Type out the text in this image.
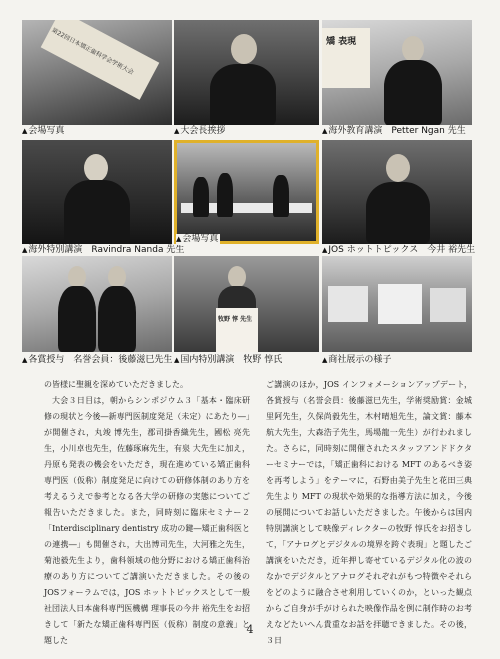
第22回日本矯正歯科学会学術大会
▲会場写真	▲大会長挨拶
矯 表現
▲海外教育講演　Petter Ngan 先生
▲海外特別講演　Ravindra Nanda 先生
▲会場写真
▲JOS ホットトピックス　今井 裕先生
▲各賞授与　名誉会員：後藤滋巳先生
牧野 惇 先生
▲国内特別講演　牧野 惇氏	▲商社展示の様子

の皆様に聖親を深めていただきました。

大会３日目は，朝からシンポジウム３「基本・臨床研修の現状と今後―新専門医制度発足（未定）にあたり―」が開催され，丸竣 博先生，郡司掛香織先生，國松 亮先生，小川卓也先生，佐藤琢麻先生，有泉 大先生に加え，丹原も発表の機会をいただき，現在進めている矯正歯科専門医（仮称）制度発足に向けての研修体制のあり方を考えるうえで参考となる各大学の研修の実態についてご報告いただきました。また，同時刻に臨床セミナー２「Interdisciplinary dentistry 成功の鍵―矯正歯科医との連携―」も開催され，大出博司先生，大河雅之先生，菊池毅先生より，歯科領域の他分野における矯正歯科治療のあり方についてご講演いただきました。その後のJOSフォーラムでは，JOS ホットトピックスとして一般社団法人日本歯科専門医機構 理事長の今井 裕先生をお招きして「新たな矯正歯科専門医（仮称）制度の意義」と題した

ご講演のほか，JOS インフォメーションアップデート，各賞授与（名誉会員：後藤滋巳先生，学術奨励賞：金城里阿先生，久保尚毅先生，木村晴旭先生，論文賞：藤本航大先生，大森浩子先生，馬場龍一先生）が行われました。さらに，同時刻に開催されたスタッフアンドドクターセミナーでは，「矯正歯科における MFT のあるべき姿を再考しよう」をテーマに，石野由美子先生と花田三典先生より MFT の現状や効果的な指導方法に加え，今後の展開についてお話しいただきました。午後からは国内特別講演として映像ディレクターの牧野 惇氏をお招きして，「アナログとデジタルの境界を跨ぐ表現」と題したご講演をいただき，近年押し寄せているデジタル化の波のなかでデジタルとアナログそれぞれがもつ特徴やそれらをどのように融合させ利用していくのか，といった観点からご自身が手がけられた映像作品を例に制作時のお考えなどたいへん貴重なお話を拝聴できました。その後，３日

4
